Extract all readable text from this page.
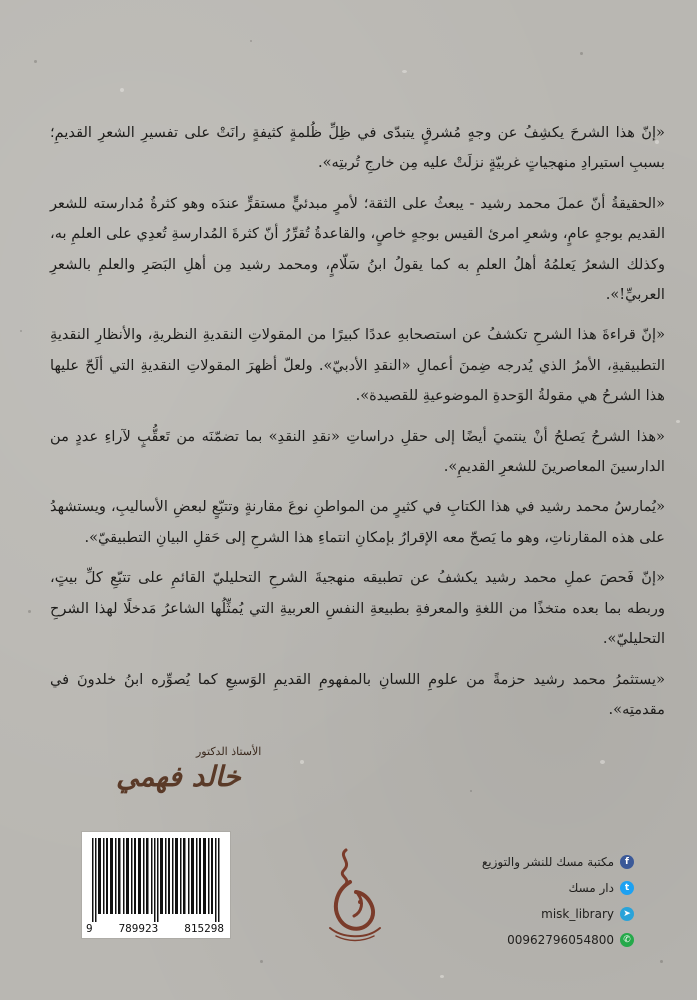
«إنّ هذا الشرحَ يكشِفُ عن وجهٍ مُشرقٍ يتبدّى في ظِلِّ ظُلمةٍ كثيفةٍ رانَتْ على تفسيرِ الشعرِ القديمِ؛ بسببِ استيرادِ منهجياتٍ غربيّةٍ نزلَتْ عليه مِن خارجِ تُربتِه».

«الحقيقةُ أنّ عملَ محمد رشيد - يبعثُ على الثقة؛ لأمرٍ مبدئيٍّ مستقرٍّ عندَه وهو كثرةُ مُدارسته للشعر القديم بوجهٍ عامٍ، وشعرِ امرئ القيس بوجهٍ خاصٍ، والقاعدةُ تُقرِّرُ أنّ كثرةَ المُدارسةِ تُعدِي على العلمِ به، وكذلك الشعرُ يَعلمُهُ أهلُ العلمِ به كما يقولُ ابنُ سَلّامٍ، ومحمد رشيد مِن أهلِ البَصَرِ والعلمِ بالشعرِ العربيِّ!».

«إنّ قراءةَ هذا الشرحِ تكشفُ عن استصحابهِ عددًا كبيرًا من المقولاتِ النقديةِ النظريةِ، والأنظارِ النقديةِ التطبيقيةِ، الأمرُ الذي يُدرجه ضِمنَ أعمالِ «النقدِ الأدبيّ». ولعلّ أظهرَ المقولاتِ النقديةِ التي ألَحّ عليها هذا الشرحُ هي مقولةُ الوَحدةِ الموضوعيةِ للقصيدة».

«هذا الشرحُ يَصلحُ أنْ ينتميَ أيضًا إلى حقلِ دراساتِ «نقدِ النقدِ» بما تضمّنَه من تَعقُّبٍ لآراءِ عددٍ من الدارسينَ المعاصرينَ للشعرِ القديمِ».

«يُمارسُ محمد رشيد في هذا الكتابِ في كثيرٍ من المواطنِ نوعَ مقارنةٍ وتتبّعٍ لبعضِ الأساليبِ، ويستشهدُ على هذه المقارناتِ، وهو ما يَصحّ معه الإقرارُ بإمكانِ انتماءِ هذا الشرحِ إلى حَقلِ البيانِ التطبيقيّ».

«إنّ فَحصَ عملِ محمد رشيد يكشفُ عن تطبيقه منهجيةَ الشرحِ التحليليّ القائمِ على تتبّعِ كلِّ بيتٍ، وربطه بما بعده متخذًا من اللغةِ والمعرفةِ بطبيعةِ النفسِ العربيةِ التي يُمثِّلُها الشاعرُ مَدخلًا لهذا الشرحِ التحليليّ».

«يستثمرُ محمد رشيد حزمةً من علومِ اللسانِ بالمفهومِ القديمِ الوَسيعِ كما يُصوِّره ابنُ خلدونَ في مقدمتِه».

الأستاذ الدكتور
خالد فهمي
9 789923 815298
مكتبة مسك للنشر والتوزيع	f
دار مسك	t
misk_library	➤
00962796054800	✆
